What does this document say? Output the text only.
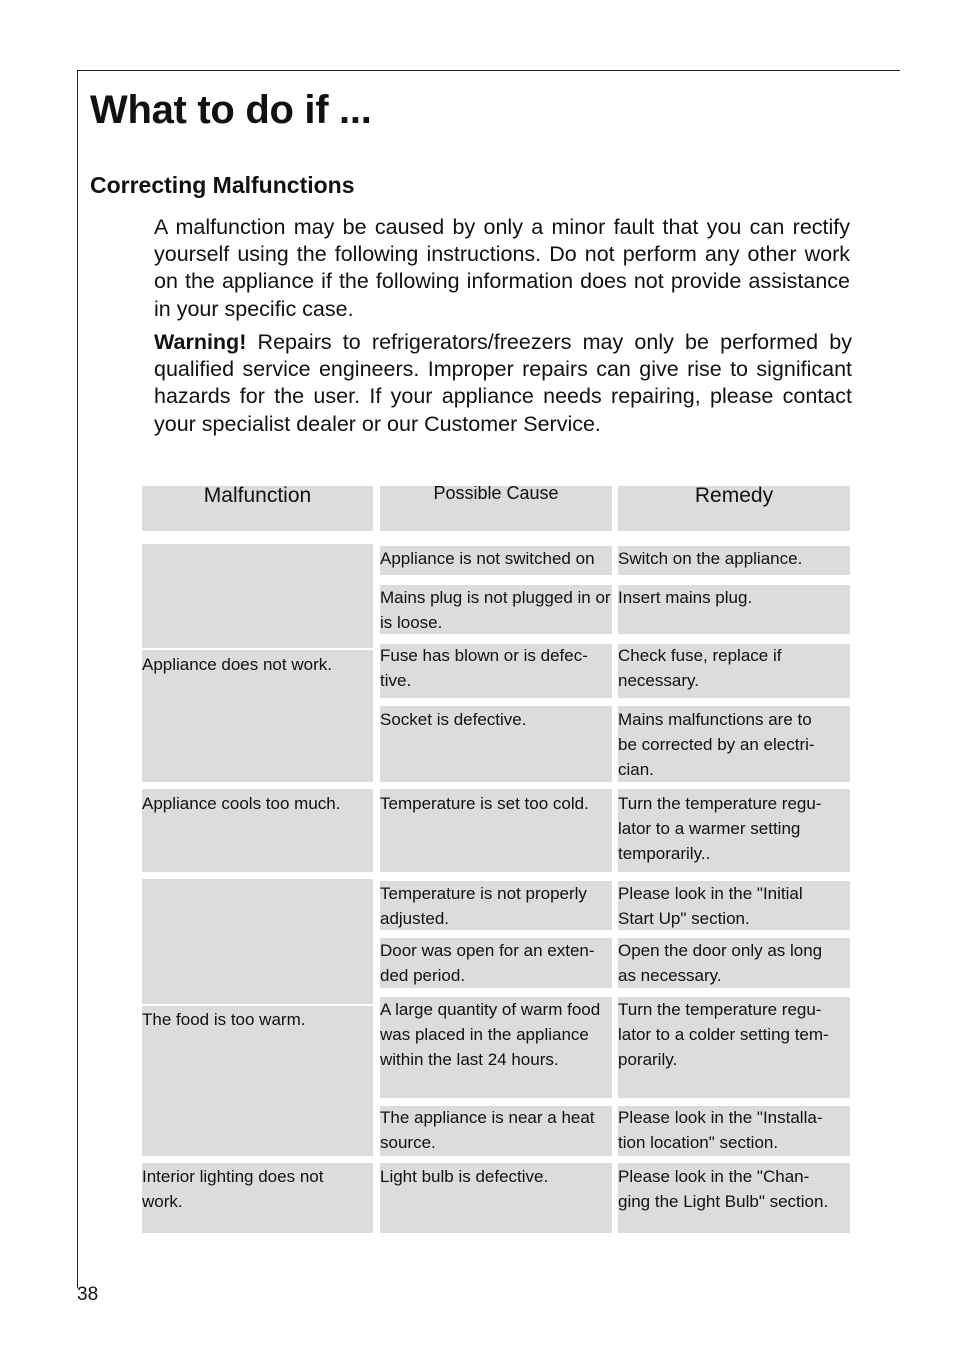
What to do if ...
Correcting Malfunctions

A malfunction may be caused by only a minor fault that you can rectify yourself using the following instructions. Do not perform any other work on the appliance if the following information does not provide assistance in your specific case.

Warning! Repairs to refrigerators/freezers may only be performed by qualified service engineers. Improper repairs can give rise to significant hazards for the user. If your appliance needs repairing, please contact your specialist dealer or our Customer Service.

Malfunction	Possible Cause	Remedy
Appliance does not work.
Appliance cools too much.
The food is too warm.
Interior lighting does not work.
Appliance is not switched on
Mains plug is not plugged in or is loose.
Fuse has blown or is defec-
tive.
Socket is defective.
Temperature is set too cold.
Temperature is not properly adjusted.
Door was open for an exten-
ded period.
A large quantity of warm food was placed in the appliance within the last 24 hours.
The appliance is near a heat
source.
Light bulb is defective.
Switch on the appliance.
Insert mains plug.
Check fuse, replace if
necessary.
Mains malfunctions are to
be corrected by an electri-
cian.
Turn the temperature regu-
lator to a warmer setting
temporarily..
Please look in the "Initial
Start Up" section.
Open the door only as long
as necessary.
Turn the temperature regu-
lator to a colder setting tem-
porarily.
Please look in the "Installa-
tion location" section.
Please look in the "Chan-
ging the Light Bulb" section.
38
